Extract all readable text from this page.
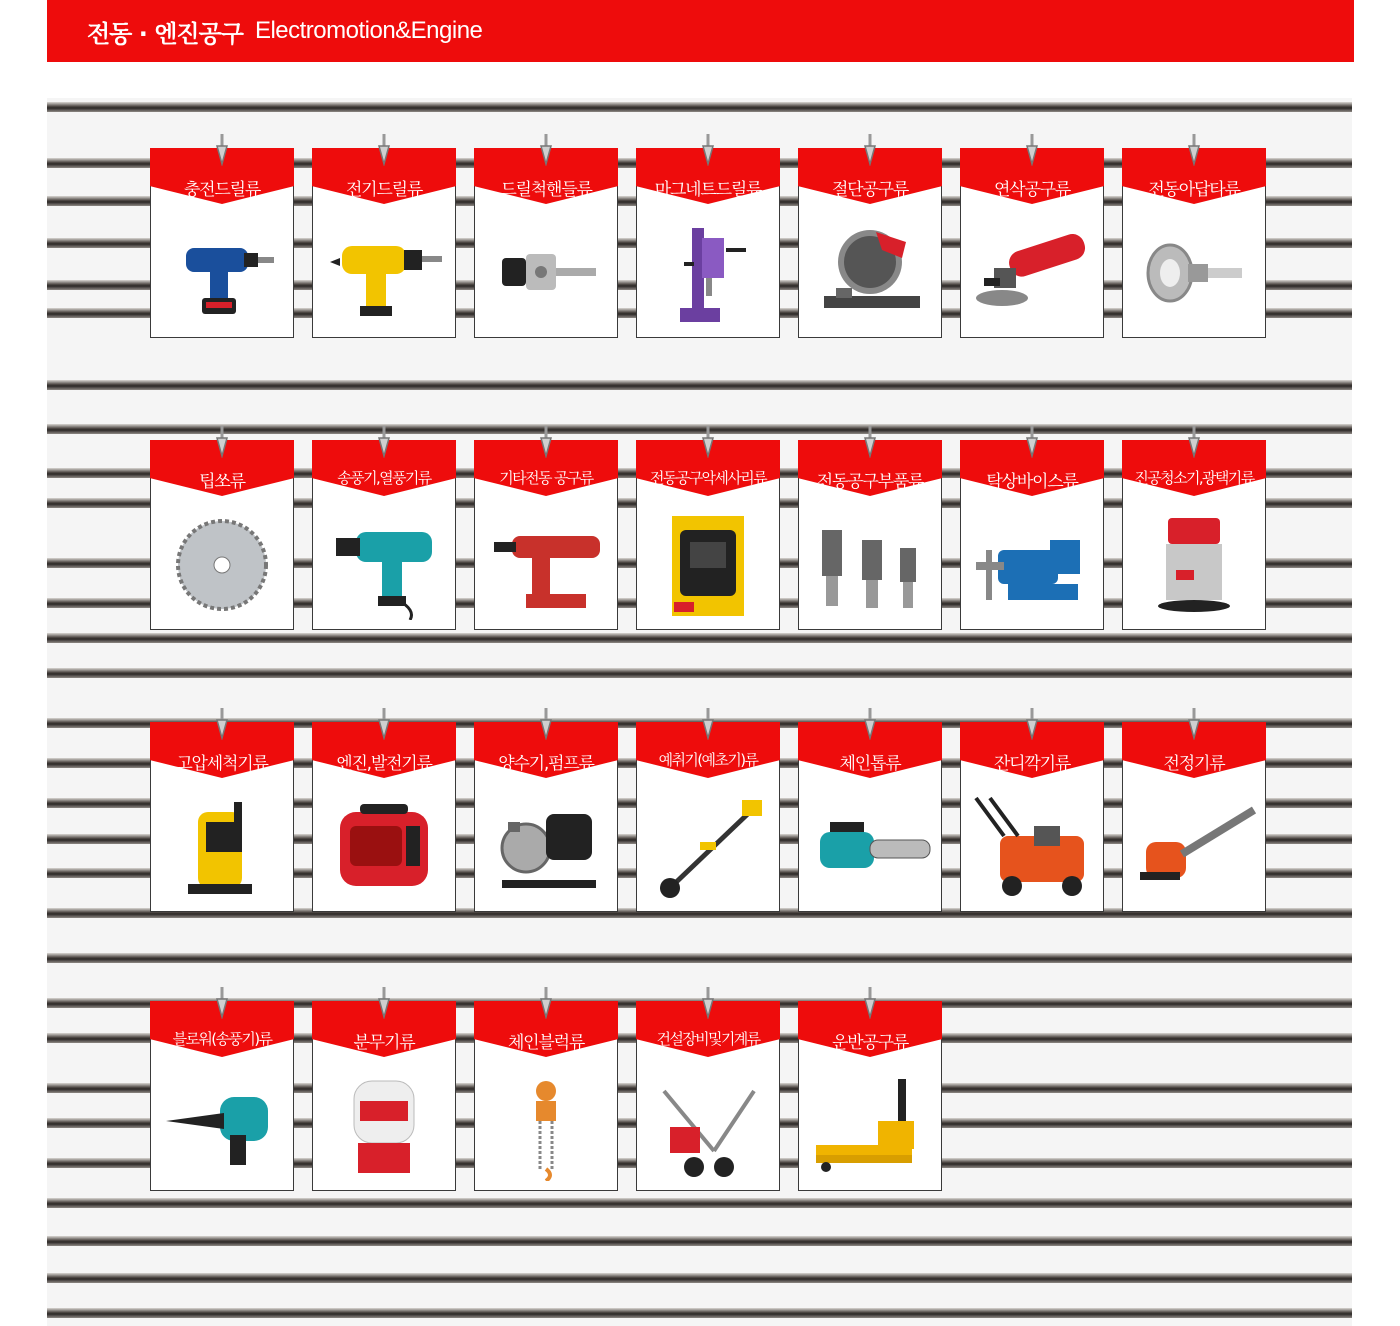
전동 · 엔진공구 Electromotion&Engine
충전드릴류	전기드릴류	드릴척핸들류	마그네트드릴류	절단공구류	연삭공구류	전동아답타류
팁쏘류	송풍기,열풍기류	기타전동 공구류	전동공구악세사리류	전동공구부품류	탁상바이스류	진공청소기,광택기류
고압세척기류	엔진,발전기류	양수기,펌프류	예취기(예초기)류	체인톱류	잔디깍기류	전정기류
블로워(송풍기)류	분무기류	체인블럭류	건설장비및기계류	운반공구류
